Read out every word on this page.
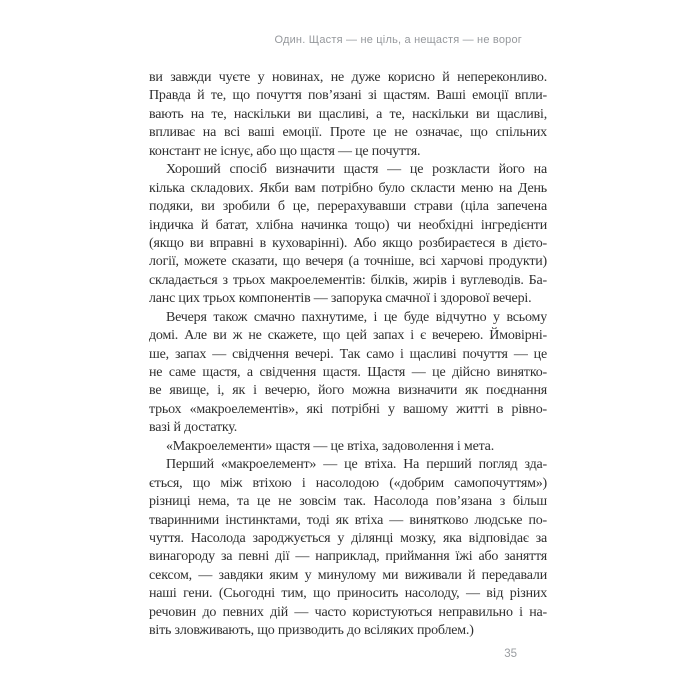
Один. Щастя — не ціль, а нещастя — не ворог
ви завжди чуєте у новинах, не дуже корисно й непереконливо.
Правда й те, що почуття пов’язані зі щастям. Ваші емоції впли-
вають на те, наскільки ви щасливі, а те, наскільки ви щасливі,
впливає на всі ваші емоції. Проте це не означає, що спільних
констант не існує, або що щастя — це почуття.
Хороший спосіб визначити щастя — це розкласти його на
кілька складових. Якби вам потрібно було скласти меню на День
подяки, ви зробили б це, перерахувавши страви (ціла запечена
індичка й батат, хлібна начинка тощо) чи необхідні інгредієнти
(якщо ви вправні в куховарінні). Або якщо розбираєтеся в дієто-
логії, можете сказати, що вечеря (а точніше, всі харчові продукти)
складається з трьох макроелементів: білків, жирів і вуглеводів. Ба-
ланс цих трьох компонентів — запорука смачної і здорової вечері.
Вечеря також смачно пахнутиме, і це буде відчутно у всьому
домі. Але ви ж не скажете, що цей запах і є вечерею. Ймовірні-
ше, запах — свідчення вечері. Так само і щасливі почуття — це
не саме щастя, а свідчення щастя. Щастя — це дійсно винятко-
ве явище, і, як і вечерю, його можна визначити як поєднання
трьох «макроелементів», які потрібні у вашому житті в рівно-
вазі й достатку.
«Макроелементи» щастя — це втіха, задоволення і мета.
Перший «макроелемент» — це втіха. На перший погляд зда-
ється, що між втіхою і насолодою («добрим самопочуттям»)
різниці нема, та це не зовсім так. Насолода пов’язана з більш
тваринними інстинктами, тоді як втіха — винятково людське по-
чуття. Насолода зароджується у ділянці мозку, яка відповідає за
винагороду за певні дії — наприклад, приймання їжі або заняття
сексом, — завдяки яким у минулому ми виживали й передавали
наші гени. (Сьогодні тим, що приносить насолоду, — від різних
речовин до певних дій — часто користуються неправильно і на-
віть зловживають, що призводить до всіляких проблем.)
35
